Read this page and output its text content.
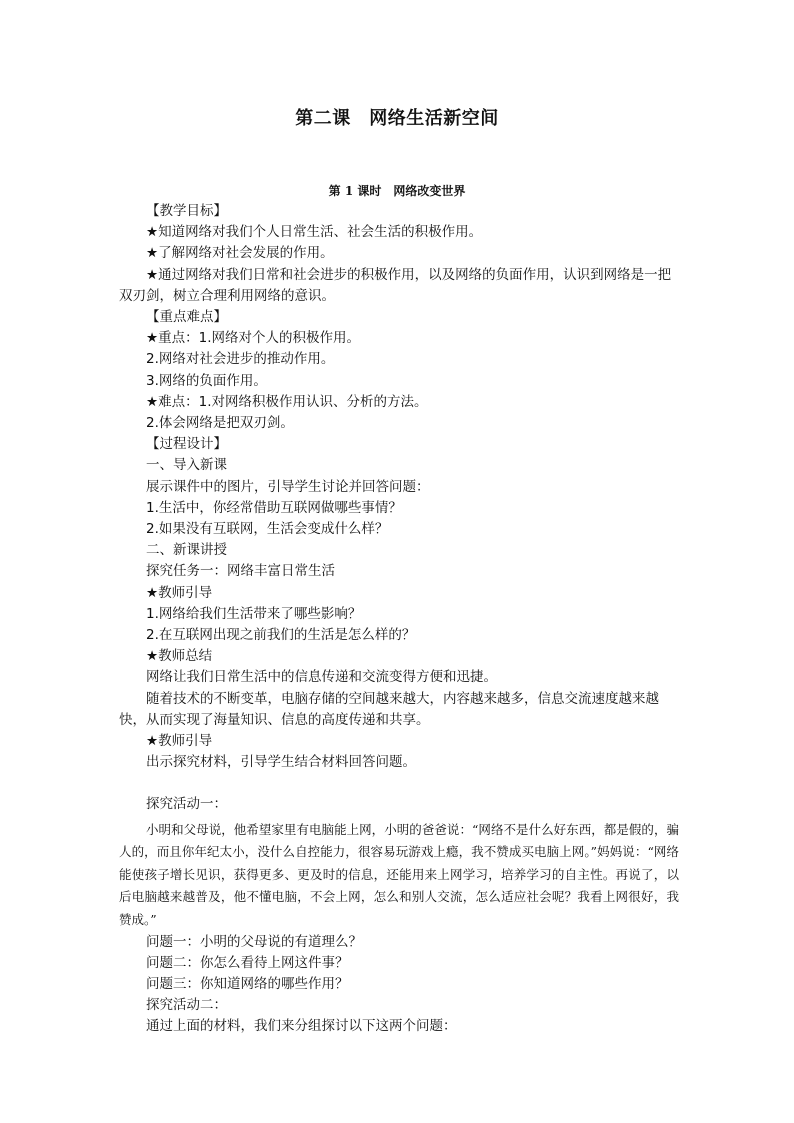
第二课　网络生活新空间
第 1 课时　网络改变世界
【教学目标】
★知道网络对我们个人日常生活、社会生活的积极作用。
★了解网络对社会发展的作用。
★通过网络对我们日常和社会进步的积极作用，以及网络的负面作用，认识到网络是一把双刃剑，树立合理利用网络的意识。
【重点难点】
★重点：1.网络对个人的积极作用。
2.网络对社会进步的推动作用。
3.网络的负面作用。
★难点：1.对网络积极作用认识、分析的方法。
2.体会网络是把双刃剑。
【过程设计】
一、导入新课
展示课件中的图片，引导学生讨论并回答问题：
1.生活中，你经常借助互联网做哪些事情？
2.如果没有互联网，生活会变成什么样？
二、新课讲授
探究任务一：网络丰富日常生活
★教师引导
1.网络给我们生活带来了哪些影响？
2.在互联网出现之前我们的生活是怎么样的？
★教师总结
网络让我们日常生活中的信息传递和交流变得方便和迅捷。
随着技术的不断变革，电脑存储的空间越来越大，内容越来越多，信息交流速度越来越快，从而实现了海量知识、信息的高度传递和共享。
★教师引导
出示探究材料，引导学生结合材料回答问题。
探究活动一：
小明和父母说，他希望家里有电脑能上网，小明的爸爸说：“网络不是什么好东西，都是假的，骗人的，而且你年纪太小，没什么自控能力，很容易玩游戏上瘾，我不赞成买电脑上网。”妈妈说：“网络能使孩子增长见识，获得更多、更及时的信息，还能用来上网学习，培养学习的自主性。再说了，以后电脑越来越普及，他不懂电脑，不会上网，怎么和别人交流，怎么适应社会呢？我看上网很好，我赞成。”
问题一：小明的父母说的有道理么？
问题二：你怎么看待上网这件事？
问题三：你知道网络的哪些作用？
探究活动二：
通过上面的材料，我们来分组探讨以下这两个问题：
